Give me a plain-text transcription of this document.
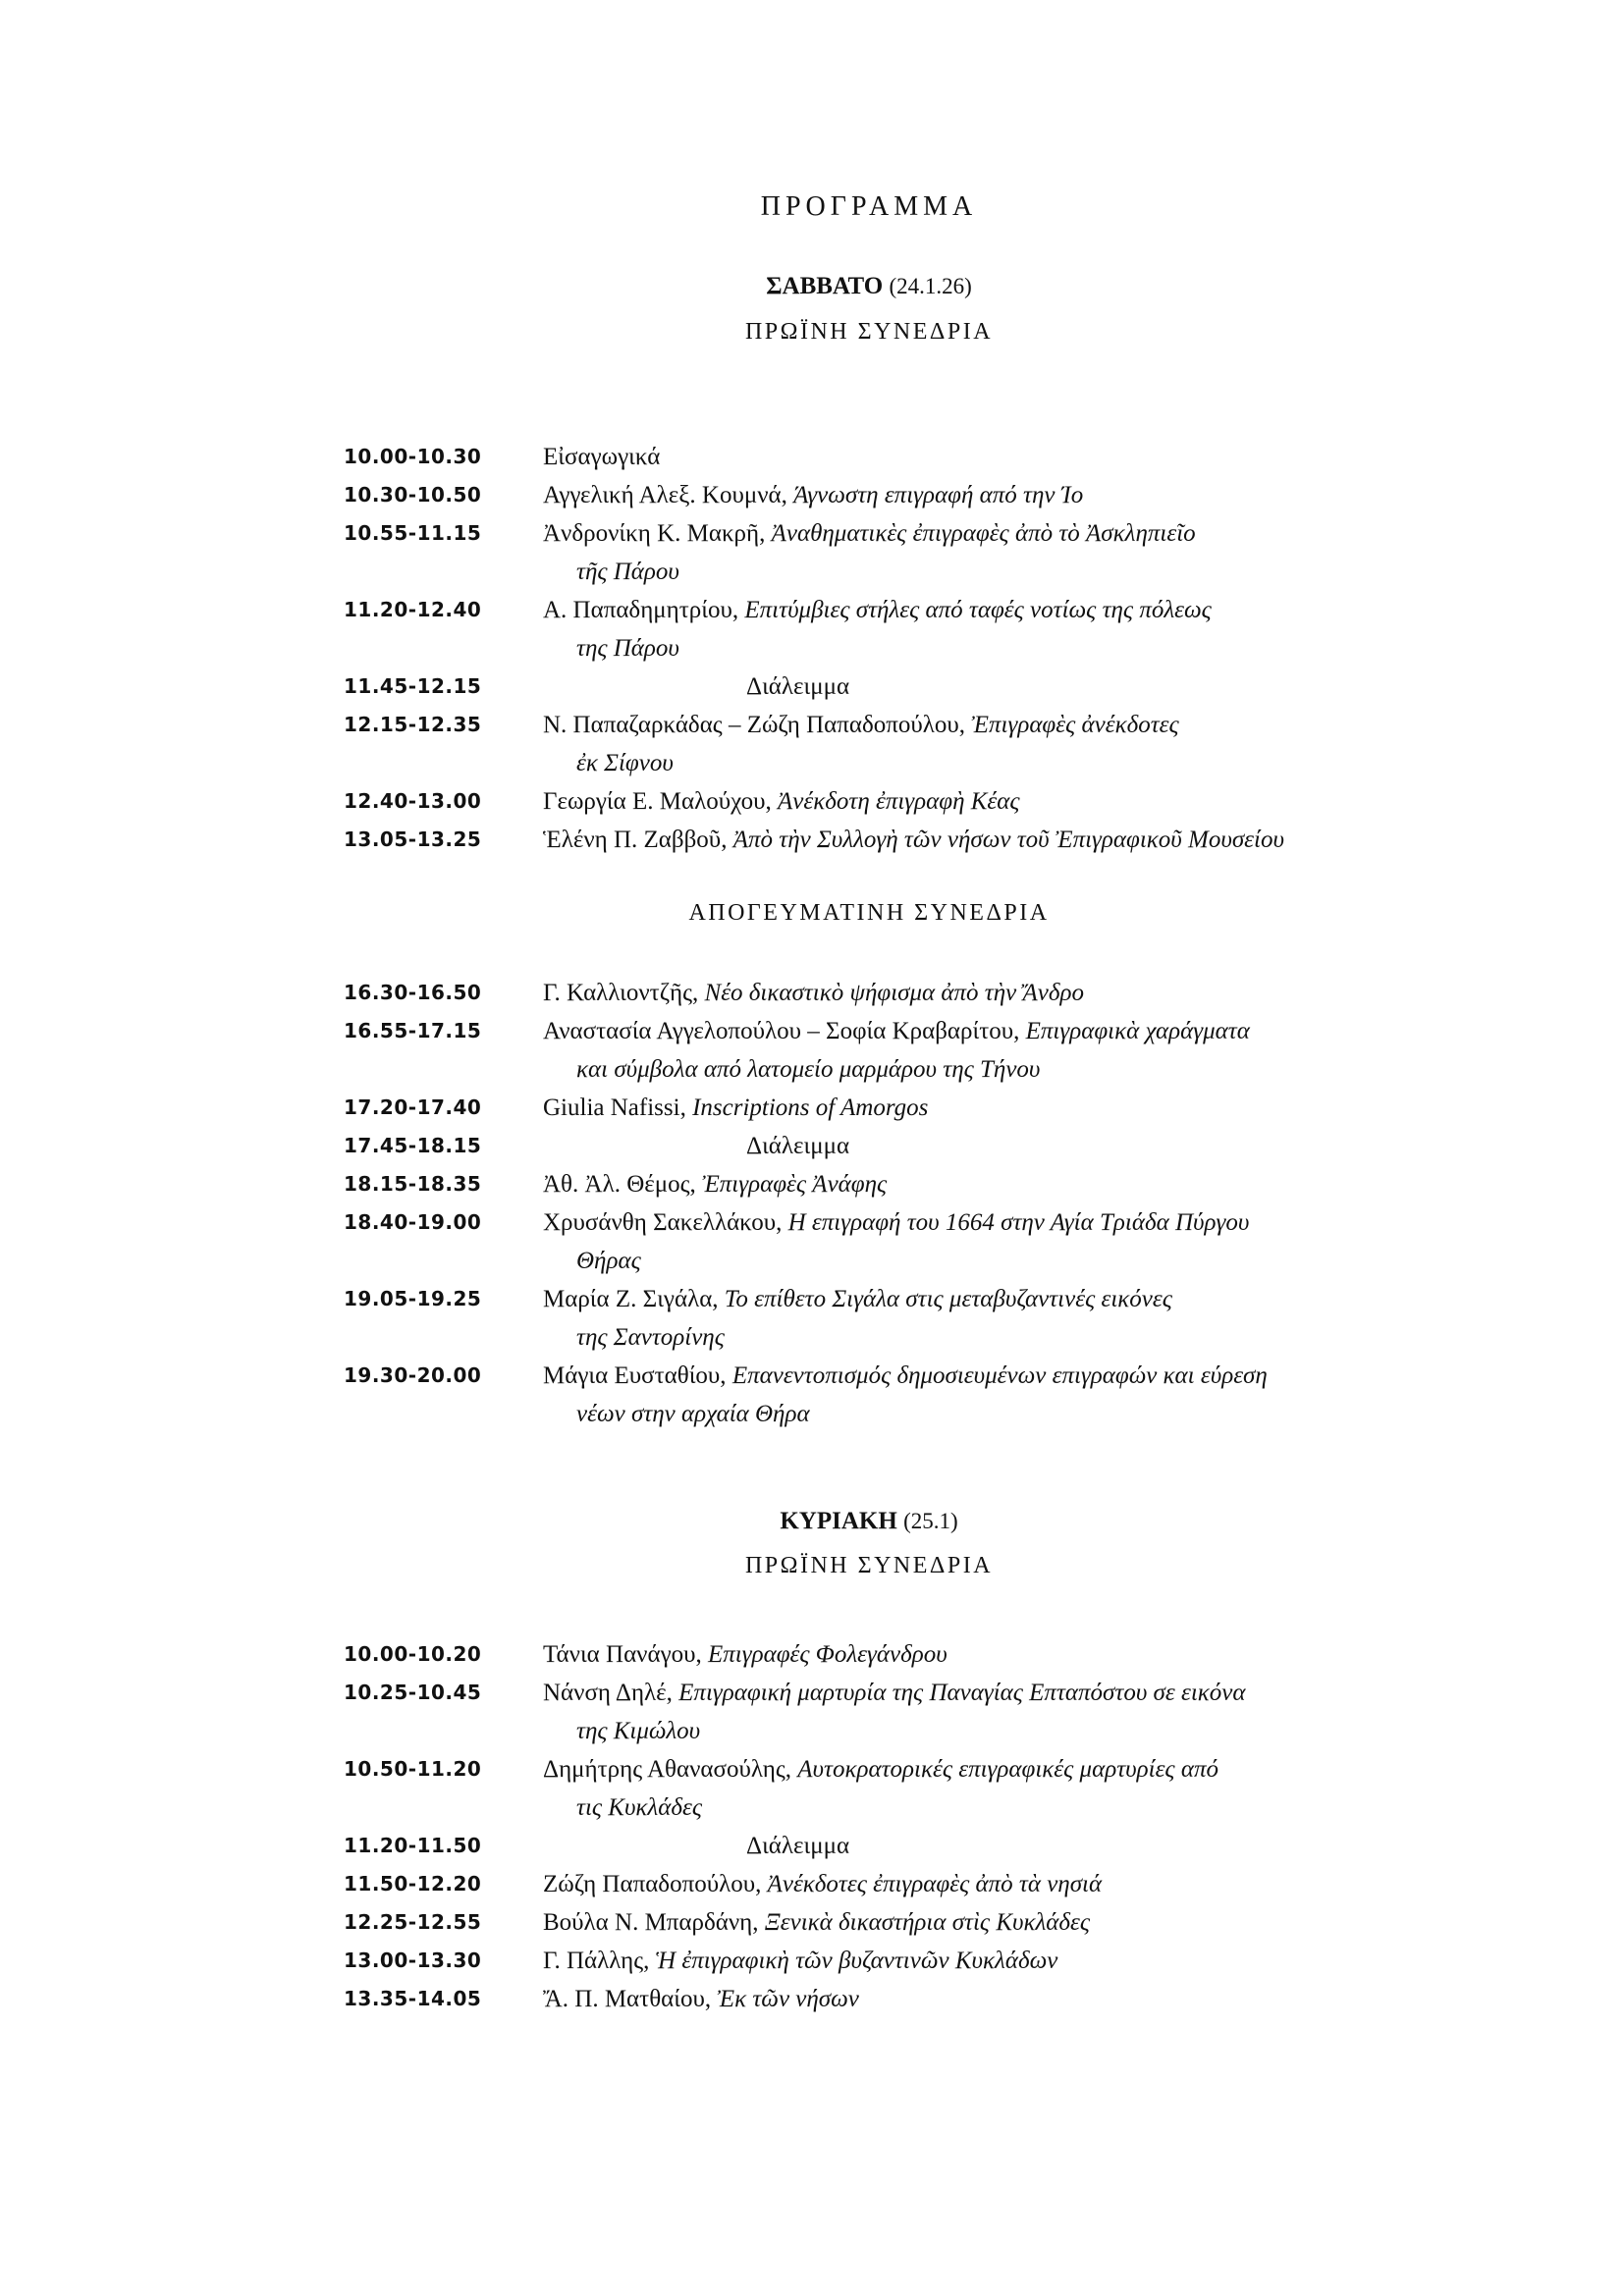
ΠΡΟΓΡΑΜΜΑ
ΣΑΒΒΑΤΟ (24.1.26)
ΠΡΩΪΝΗ ΣΥΝΕΔΡΙΑ
10.00-10.30	Εἰσαγωγικά
10.30-10.50	Αγγελική Αλεξ. Κουμνά, Άγνωστη επιγραφή από την Ίο
10.55-11.15	Ἀνδρονίκη Κ. Μακρῆ, Ἀναθηματικὲς ἐπιγραφὲς ἀπὸ τὸ Ἀσκληπιεῖο
τῆς Πάρου
11.20-12.40	Α. Παπαδημητρίου, Επιτύμβιες στήλες από ταφές νοτίως της πόλεως
της Πάρου
11.45-12.15	Διάλειμμα
12.15-12.35	Ν. Παπαζαρκάδας – Ζώζη Παπαδοπούλου, Ἐπιγραφὲς ἀνέκδοτες
ἐκ Σίφνου
12.40-13.00	Γεωργία Ε. Μαλούχου, Ἀνέκδοτη ἐπιγραφὴ Κέας
13.05-13.25	Ἑλένη Π. Ζαββοῦ, Ἀπὸ τὴν Συλλογὴ τῶν νήσων τοῦ Ἐπιγραφικοῦ Μουσείου
ΑΠΟΓΕΥΜΑΤΙΝΗ ΣΥΝΕΔΡΙΑ
16.30-16.50	Γ. Καλλιοντζῆς, Νέο δικαστικὸ ψήφισμα ἀπὸ τὴν Ἄνδρο
16.55-17.15	Αναστασία Αγγελοπούλου – Σοφία Κραβαρίτου, Επιγραφικὰ χαράγματα
και σύμβολα από λατομείο μαρμάρου της Τήνου
17.20-17.40	Giulia Nafissi, Inscriptions of Amorgos
17.45-18.15	Διάλειμμα
18.15-18.35	Ἀθ. Ἀλ. Θέμος, Ἐπιγραφὲς Ἀνάφης
18.40-19.00	Χρυσάνθη Σακελλάκου, Η επιγραφή του 1664 στην Αγία Τριάδα Πύργου
Θήρας
19.05-19.25	Μαρία Ζ. Σιγάλα, Το επίθετο Σιγάλα στις μεταβυζαντινές εικόνες
της Σαντορίνης
19.30-20.00	Μάγια Ευσταθίου, Επανεντοπισμός δημοσιευμένων επιγραφών και εύρεση
νέων στην αρχαία Θήρα
ΚΥΡΙΑΚΗ (25.1)
ΠΡΩΪΝΗ ΣΥΝΕΔΡΙΑ
10.00-10.20	Τάνια Πανάγου, Επιγραφές Φολεγάνδρου
10.25-10.45	Νάνση Δηλέ, Επιγραφική μαρτυρία της Παναγίας Επταπόστου σε εικόνα
της Κιμώλου
10.50-11.20	Δημήτρης Αθανασούλης, Αυτοκρατορικές επιγραφικές μαρτυρίες από
τις Κυκλάδες
11.20-11.50	Διάλειμμα
11.50-12.20	Ζώζη Παπαδοπούλου, Ἀνέκδοτες ἐπιγραφὲς ἀπὸ τὰ νησιά
12.25-12.55	Βούλα Ν. Μπαρδάνη, Ξενικὰ δικαστήρια στὶς Κυκλάδες
13.00-13.30	Γ. Πάλλης, Ἡ ἐπιγραφικὴ τῶν βυζαντινῶν Κυκλάδων
13.35-14.05	Ἄ. Π. Ματθαίου, Ἐκ τῶν νήσων
